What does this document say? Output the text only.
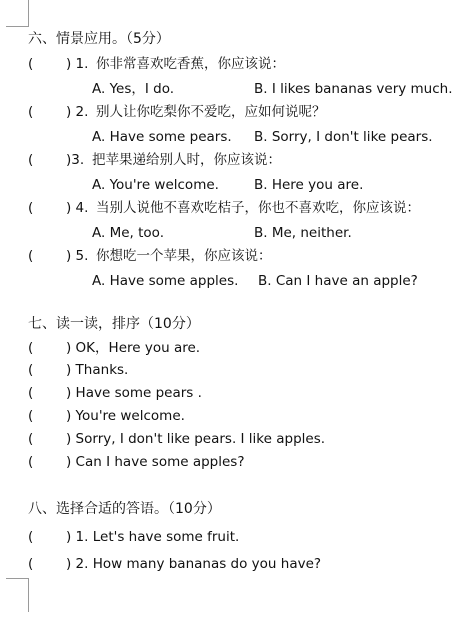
六、情景应用。（5分）
( ) 1. 你非常喜欢吃香蕉，你应该说：
A. Yes，I do.	B. I likes bananas very much.
( ) 2. 别人让你吃梨你不爱吃，应如何说呢？
A. Have some pears. B. Sorry, I don't like pears.
( )3. 把苹果递给别人时，你应该说：
A. You're welcome.	B. Here you are.
( ) 4. 当别人说他不喜欢吃桔子，你也不喜欢吃，你应该说：
A. Me, too.	B. Me, neither.
( ) 5. 你想吃一个苹果，你应该说：
A. Have some apples. B. Can I have an apple?
七、读一读，排序（10分）
( ) OK，Here you are.
( ) Thanks.
( ) Have some pears .
( ) You're welcome.
( ) Sorry, I don't like pears. I like apples.
( ) Can I have some apples?
八、选择合适的答语。（10分）
( ) 1. Let's have some fruit.
( ) 2. How many bananas do you have?
